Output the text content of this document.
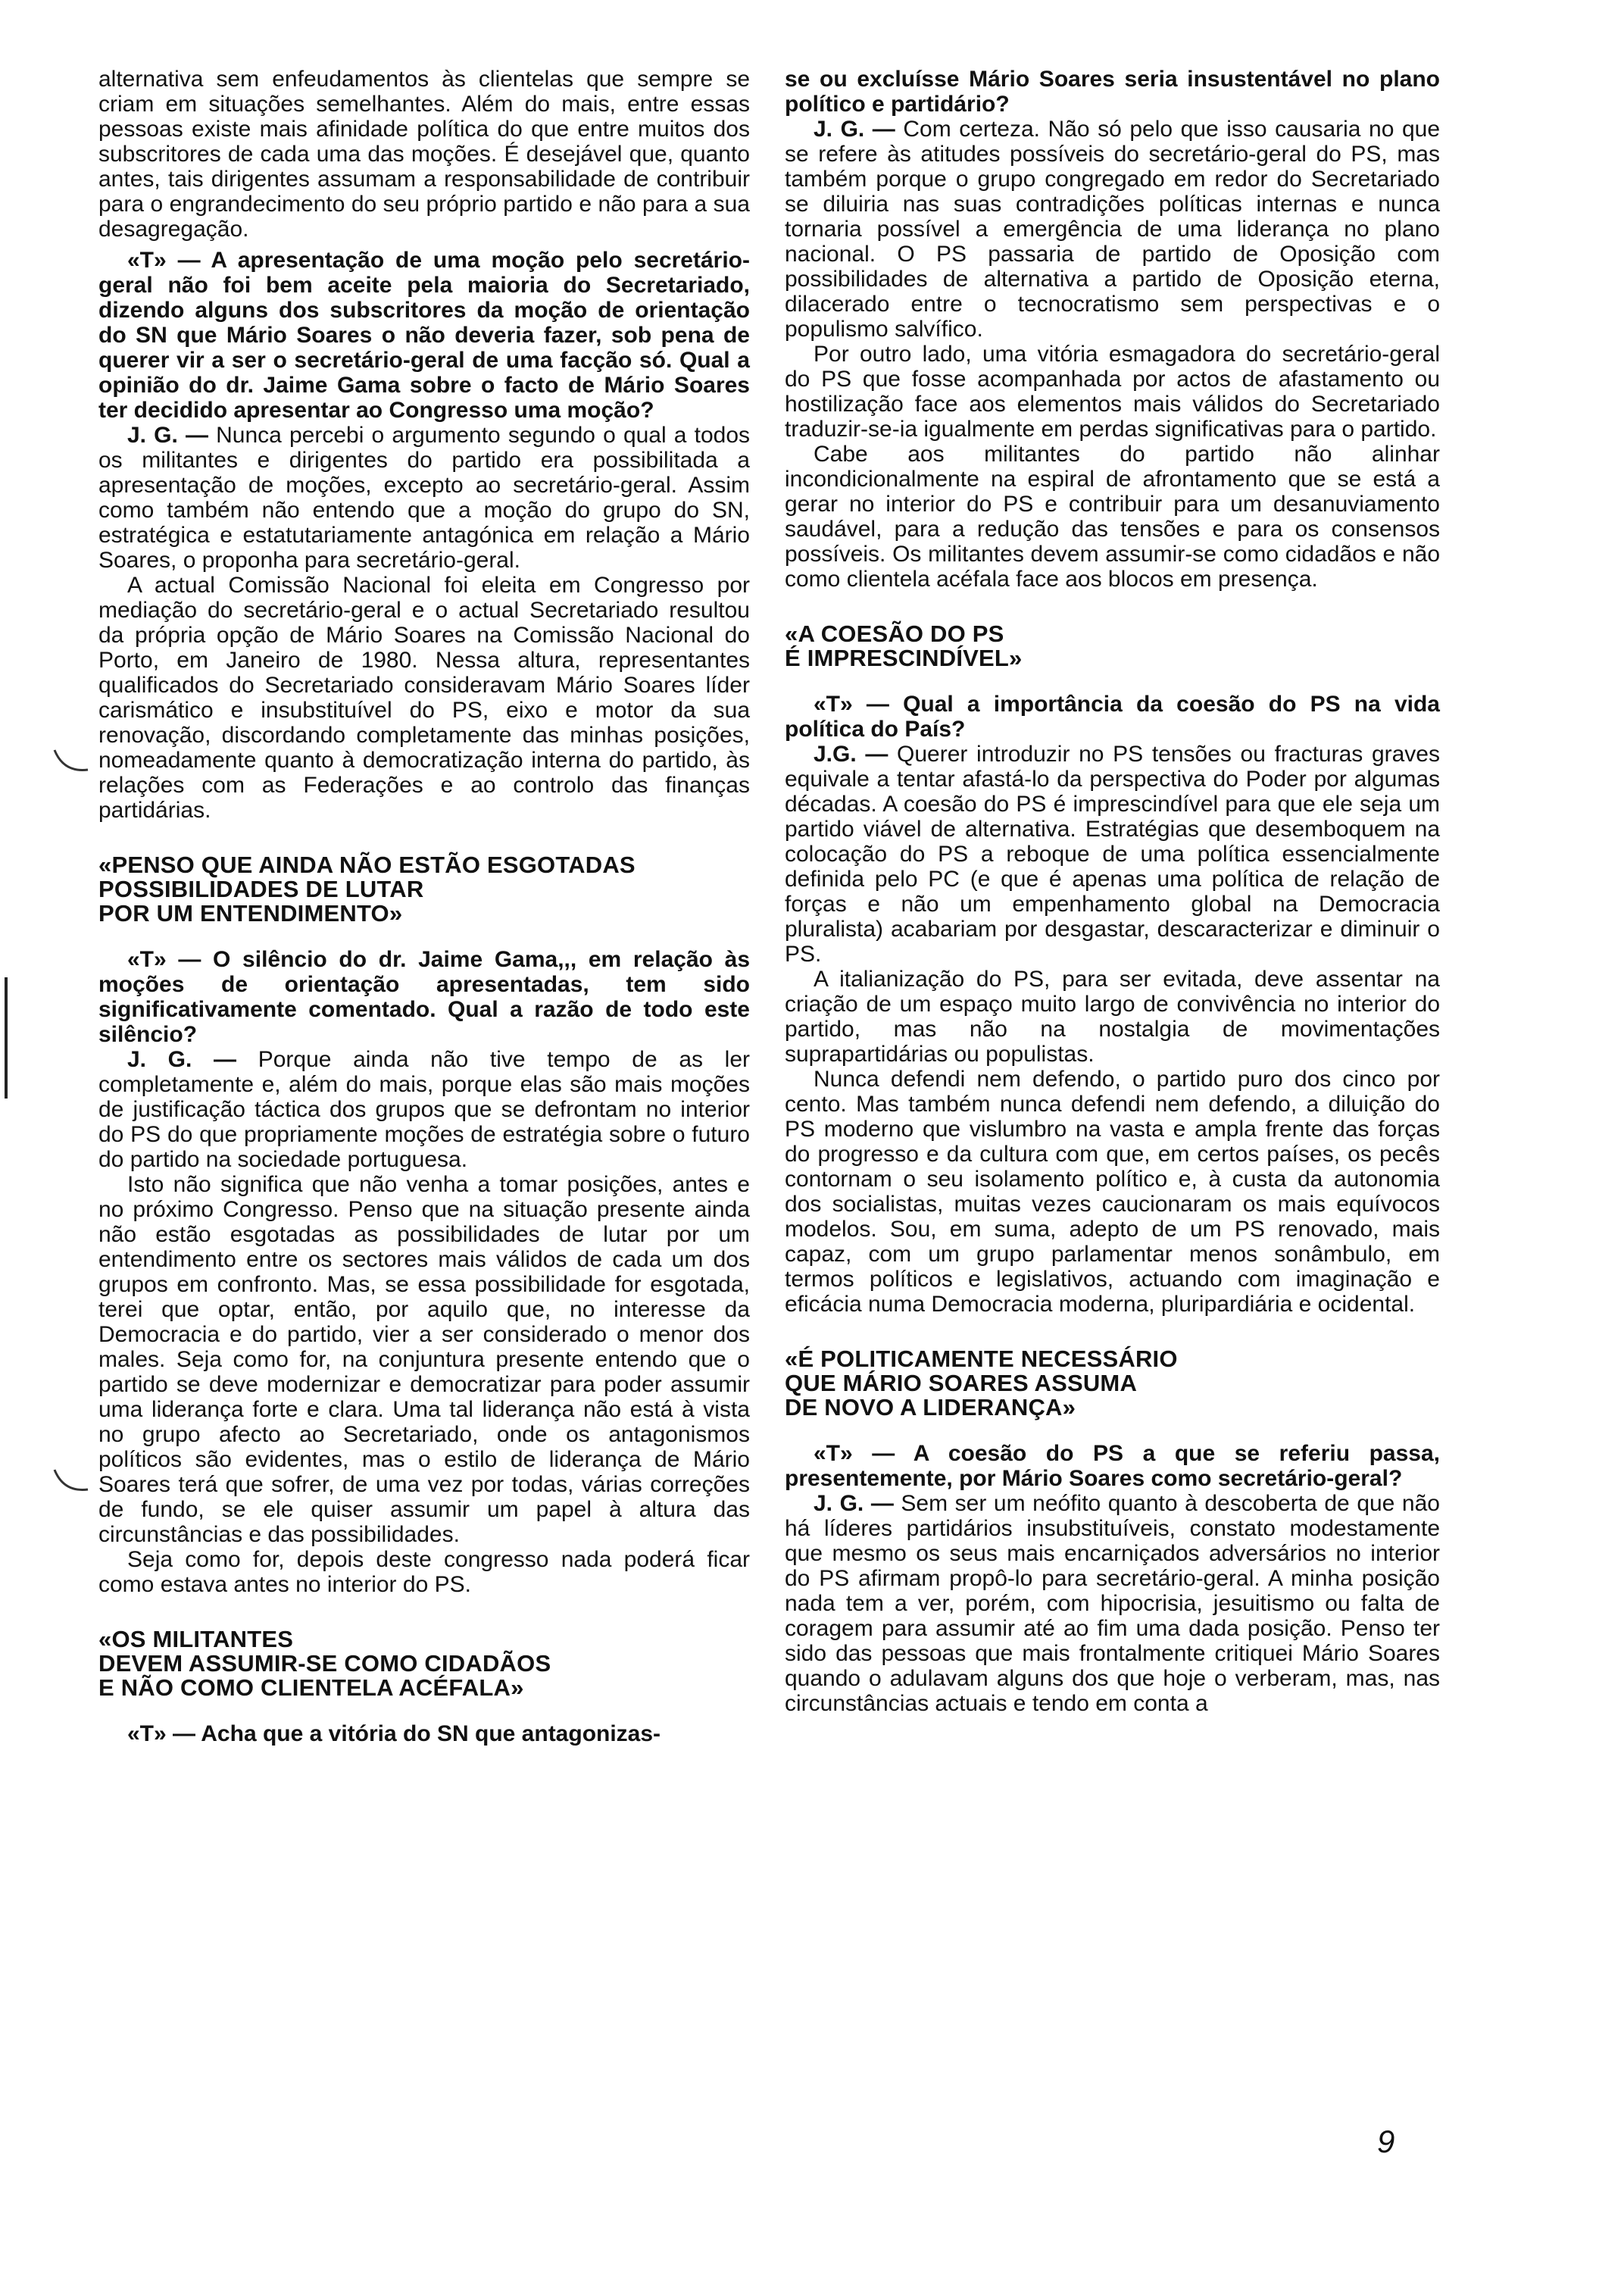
alternativa sem enfeudamentos às clientelas que sempre se criam em situações semelhantes. Além do mais, entre essas pessoas existe mais afinidade política do que entre muitos dos subscritores de cada uma das moções. É desejável que, quanto antes, tais dirigentes assumam a responsabilidade de contribuir para o engrandecimento do seu próprio partido e não para a sua desagregação.

«T» — A apresentação de uma moção pelo secretário-geral não foi bem aceite pela maioria do Secretariado, dizendo alguns dos subscritores da moção de orientação do SN que Mário Soares o não deveria fazer, sob pena de querer vir a ser o secretário-geral de uma facção só. Qual a opinião do dr. Jaime Gama sobre o facto de Mário Soares ter decidido apresentar ao Congresso uma moção?

J. G. — Nunca percebi o argumento segundo o qual a todos os militantes e dirigentes do partido era possibilitada a apresentação de moções, excepto ao secretário-geral. Assim como também não entendo que a moção do grupo do SN, estratégica e estatutariamente antagónica em relação a Mário Soares, o proponha para secretário-geral.

A actual Comissão Nacional foi eleita em Congresso por mediação do secretário-geral e o actual Secretariado resultou da própria opção de Mário Soares na Comissão Nacional do Porto, em Janeiro de 1980. Nessa altura, representantes qualificados do Secretariado consideravam Mário Soares líder carismático e insubstituível do PS, eixo e motor da sua renovação, discordando completamente das minhas posições, nomeadamente quanto à democratização interna do partido, às relações com as Federações e ao controlo das finanças partidárias.

«PENSO QUE AINDA NÃO ESTÃO ESGOTADAS
POSSIBILIDADES DE LUTAR
POR UM ENTENDIMENTO»

«T» — O silêncio do dr. Jaime Gama,,, em relação às moções de orientação apresentadas, tem sido significativamente comentado. Qual a razão de todo este silêncio?

J. G. — Porque ainda não tive tempo de as ler completamente e, além do mais, porque elas são mais moções de justificação táctica dos grupos que se defrontam no interior do PS do que propriamente moções de estratégia sobre o futuro do partido na sociedade portuguesa.

Isto não significa que não venha a tomar posições, antes e no próximo Congresso. Penso que na situação presente ainda não estão esgotadas as possibilidades de lutar por um entendimento entre os sectores mais válidos de cada um dos grupos em confronto. Mas, se essa possibilidade for esgotada, terei que optar, então, por aquilo que, no interesse da Democracia e do partido, vier a ser considerado o menor dos males. Seja como for, na conjuntura presente entendo que o partido se deve modernizar e democratizar para poder assumir uma liderança forte e clara. Uma tal liderança não está à vista no grupo afecto ao Secretariado, onde os antagonismos políticos são evidentes, mas o estilo de liderança de Mário Soares terá que sofrer, de uma vez por todas, várias correções de fundo, se ele quiser assumir um papel à altura das circunstâncias e das possibilidades.

Seja como for, depois deste congresso nada poderá ficar como estava antes no interior do PS.

«OS MILITANTES
DEVEM ASSUMIR-SE COMO CIDADÃOS
E NÃO COMO CLIENTELA ACÉFALA»

«T» — Acha que a vitória do SN que antagonizas-

se ou excluísse Mário Soares seria insustentável no plano político e partidário?

J. G. — Com certeza. Não só pelo que isso causaria no que se refere às atitudes possíveis do secretário-geral do PS, mas também porque o grupo congregado em redor do Secretariado se diluiria nas suas contradições políticas internas e nunca tornaria possível a emergência de uma liderança no plano nacional. O PS passaria de partido de Oposição com possibilidades de alternativa a partido de Oposição eterna, dilacerado entre o tecnocratismo sem perspectivas e o populismo salvífico.

Por outro lado, uma vitória esmagadora do secretário-geral do PS que fosse acompanhada por actos de afastamento ou hostilização face aos elementos mais válidos do Secretariado traduzir-se-ia igualmente em perdas significativas para o partido.

Cabe aos militantes do partido não alinhar incondicionalmente na espiral de afrontamento que se está a gerar no interior do PS e contribuir para um desanuviamento saudável, para a redução das tensões e para os consensos possíveis. Os militantes devem assumir-se como cidadãos e não como clientela acéfala face aos blocos em presença.

«A COESÃO DO PS
É IMPRESCINDÍVEL»

«T» — Qual a importância da coesão do PS na vida política do País?

J.G. — Querer introduzir no PS tensões ou fracturas graves equivale a tentar afastá-lo da perspectiva do Poder por algumas décadas. A coesão do PS é imprescindível para que ele seja um partido viável de alternativa. Estratégias que desemboquem na colocação do PS a reboque de uma política essencialmente definida pelo PC (e que é apenas uma política de relação de forças e não um empenhamento global na Democracia pluralista) acabariam por desgastar, descaracterizar e diminuir o PS.

A italianização do PS, para ser evitada, deve assentar na criação de um espaço muito largo de convivência no interior do partido, mas não na nostalgia de movimentações suprapartidárias ou populistas.

Nunca defendi nem defendo, o partido puro dos cinco por cento. Mas também nunca defendi nem defendo, a diluição do PS moderno que vislumbro na vasta e ampla frente das forças do progresso e da cultura com que, em certos países, os pecês contornam o seu isolamento político e, à custa da autonomia dos socialistas, muitas vezes caucionaram os mais equívocos modelos. Sou, em suma, adepto de um PS renovado, mais capaz, com um grupo parlamentar menos sonâmbulo, em termos políticos e legislativos, actuando com imaginação e eficácia numa Democracia moderna, pluripardiária e ocidental.

«É POLITICAMENTE NECESSÁRIO
QUE MÁRIO SOARES ASSUMA
DE NOVO A LIDERANÇA»

«T» — A coesão do PS a que se referiu passa, presentemente, por Mário Soares como secretário-geral?

J. G. — Sem ser um neófito quanto à descoberta de que não há líderes partidários insubstituíveis, constato modestamente que mesmo os seus mais encarniçados adversários no interior do PS afirmam propô-lo para secretário-geral. A minha posição nada tem a ver, porém, com hipocrisia, jesuitismo ou falta de coragem para assumir até ao fim uma dada posição. Penso ter sido das pessoas que mais frontalmente critiquei Mário Soares quando o adulavam alguns dos que hoje o verberam, mas, nas circunstâncias actuais e tendo em conta a

9
